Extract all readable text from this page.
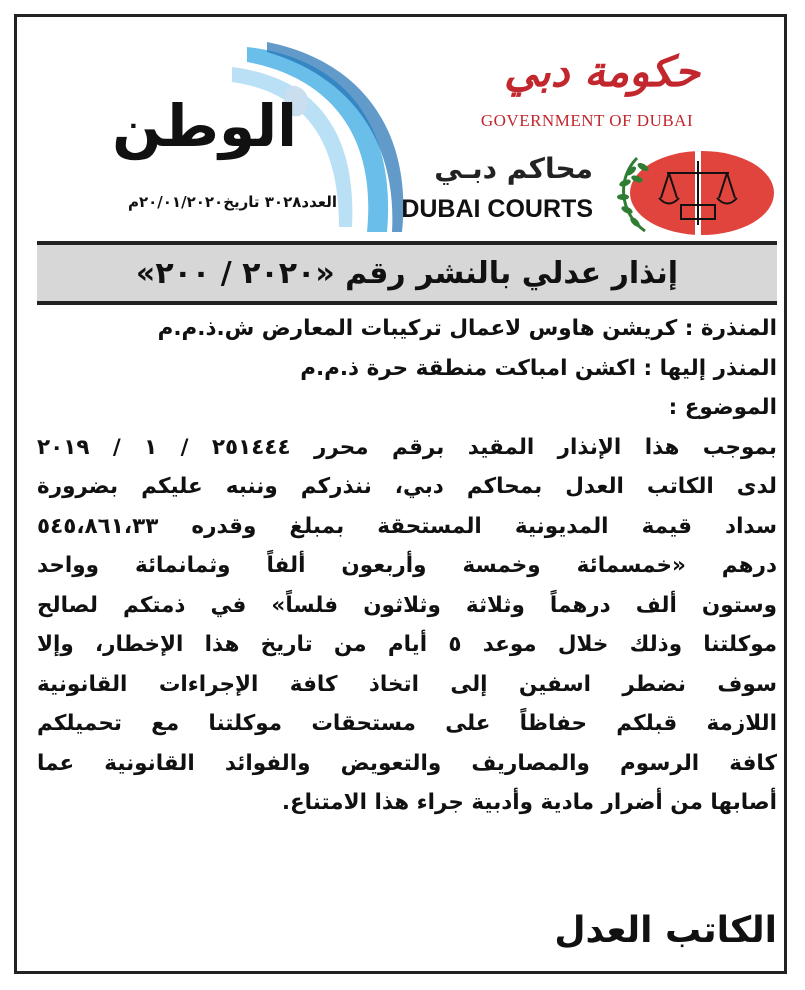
الوطن
العدد٣٠٢٨ تاريخ٢٠/٠١/٢٠٢٠م
حكومة دبي
GOVERNMENT OF DUBAI
محاكم دبـي
DUBAI COURTS
إنذار عدلي بالنشر رقم «٢٠٢٠ / ٢٠٠»
المنذرة : كريشن هاوس لاعمال تركيبات المعارض ش.ذ.م.م
المنذر إليها : اكشن امباكت منطقة حرة ذ.م.م
الموضوع :
بموجب هذا الإنذار المقيد برقم محرر ٢٥١٤٤٤ / ١ / ٢٠١٩
لدى الكاتب العدل بمحاكم دبي، ننذركم وننبه عليكم بضرورة
سداد قيمة المديونية المستحقة بمبلغ وقدره ٥٤٥،٨٦١،٣٣
درهم «خمسمائة وخمسة وأربعون ألفاً وثمانمائة وواحد
وستون ألف درهماً وثلاثة وثلاثون فلساً» في ذمتكم لصالح
موكلتنا وذلك خلال موعد ٥ أيام من تاريخ هذا الإخطار، وإلا
سوف نضطر اسفين إلى اتخاذ كافة الإجراءات القانونية
اللازمة قبلكم حفاظاً على مستحقات موكلتنا مع تحميلكم
كافة الرسوم والمصاريف والتعويض والفوائد القانونية عما
أصابها من أضرار مادية وأدبية جراء هذا الامتناع.
الكاتب العدل
